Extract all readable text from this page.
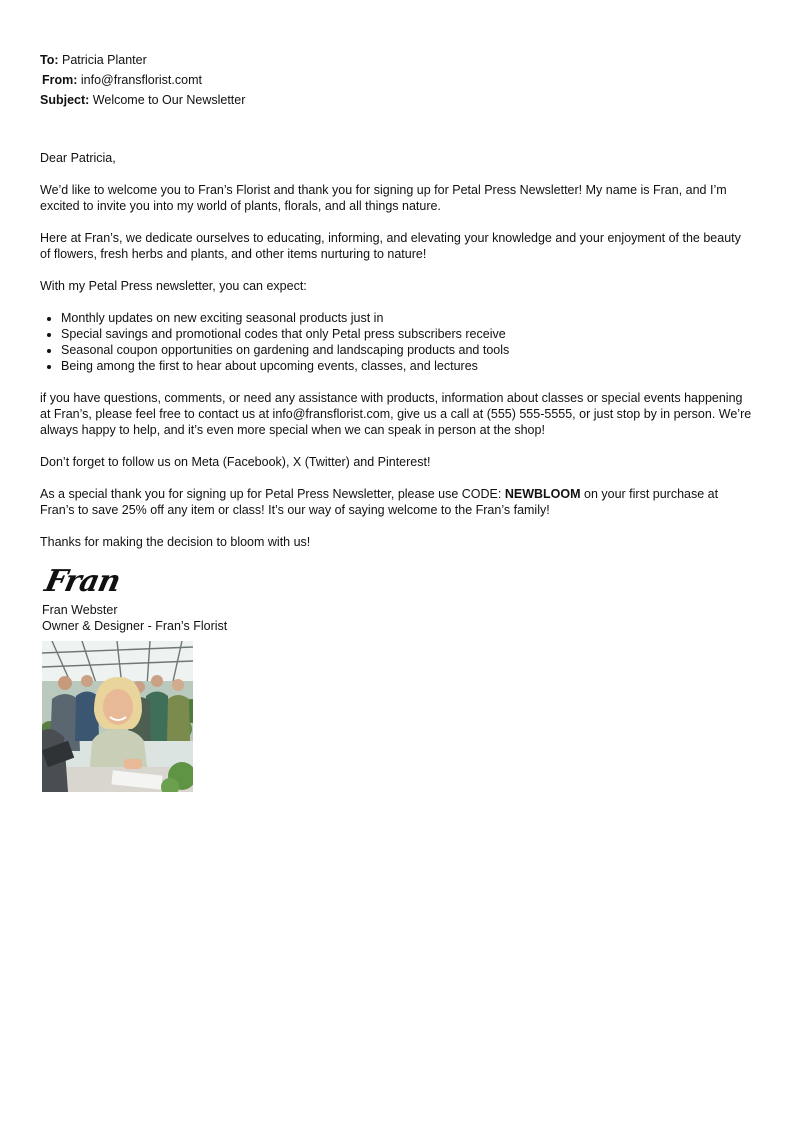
To: Patricia Planter
From: info@fransflorist.comt
Subject: Welcome to Our Newsletter

Dear Patricia,

We’d like to welcome you to Fran’s Florist and thank you for signing up for Petal Press Newsletter! My name is Fran, and I’m excited to invite you into my world of plants, florals, and all things nature.

Here at Fran’s, we dedicate ourselves to educating, informing, and elevating your knowledge and your enjoyment of the beauty of flowers, fresh herbs and plants, and other items nurturing to nature!

With my Petal Press newsletter, you can expect:

• Monthly updates on new exciting seasonal products just in
• Special savings and promotional codes that only Petal press subscribers receive
• Seasonal coupon opportunities on gardening and landscaping products and tools
• Being among the first to hear about upcoming events, classes, and lectures

if you have questions, comments, or need any assistance with products, information about classes or special events happening at Fran’s, please feel free to contact us at info@fransflorist.com, give us a call at (555) 555-5555, or just stop by in person. We’re always happy to help, and it’s even more special when we can speak in person at the shop!

Don’t forget to follow us on Meta (Facebook), X (Twitter) and Pinterest!

As a special thank you for signing up for Petal Press Newsletter, please use CODE: NEWBLOOM on your first purchase at Fran’s to save 25% off any item or class! It’s our way of saying welcome to the Fran’s family!

Thanks for making the decision to bloom with us!

Fran
Fran Webster
Owner & Designer - Fran’s Florist
